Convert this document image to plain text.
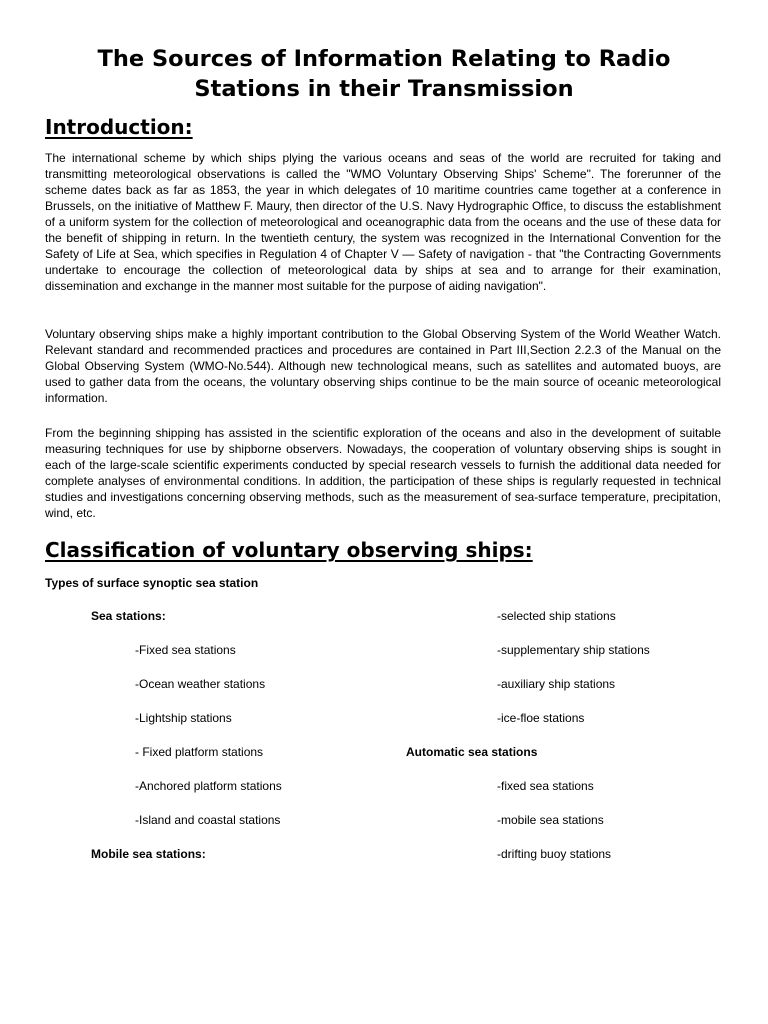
The Sources of Information Relating to Radio Stations in their Transmission
Introduction:

The international scheme by which ships plying the various oceans and seas of the world are recruited for taking and transmitting meteorological observations is called the "WMO Voluntary Observing Ships' Scheme". The forerunner of the scheme dates back as far as 1853, the year in which delegates of 10 maritime countries came together at a conference in Brussels, on the initiative of Matthew F. Maury, then director of the U.S. Navy Hydrographic Office, to discuss the establishment of a uniform system for the collection of meteorological and oceanographic data from the oceans and the use of these data for the benefit of shipping in return. In the twentieth century, the system was recognized in the International Convention for the Safety of Life at Sea, which specifies in Regulation 4 of Chapter V — Safety of navigation - that "the Contracting Governments undertake to encourage the collection of meteorological data by ships at sea and to arrange for their examination, dissemination and exchange in the manner most suitable for the purpose of aiding navigation".

Voluntary observing ships make a highly important contribution to the Global Observing System of the World Weather Watch. Relevant standard and recommended practices and procedures are contained in Part III,Section 2.2.3 of the Manual on the Global Observing System (WMO-No.544). Although new technological means, such as satellites and automated buoys, are used to gather data from the oceans, the voluntary observing ships continue to be the main source of oceanic meteorological information.

From the beginning shipping has assisted in the scientific exploration of the oceans and also in the development of suitable measuring techniques for use by shipborne observers. Nowadays, the cooperation of voluntary observing ships is sought in each of the large-scale scientific experiments conducted by special research vessels to furnish the additional data needed for complete analyses of environmental conditions. In addition, the participation of these ships is regularly requested in technical studies and investigations concerning observing methods, such as the measurement of sea-surface temperature, precipitation, wind, etc.

Classification of voluntary observing ships:

Types of surface synoptic sea station

Sea stations:

-Fixed sea stations

-Ocean weather stations

-Lightship stations

- Fixed platform stations

-Anchored platform stations

-Island and coastal stations

Mobile sea stations:

-selected ship stations

-supplementary ship stations

-auxiliary ship stations

-ice-floe stations

Automatic sea stations

-fixed sea stations

-mobile sea stations

-drifting buoy stations
